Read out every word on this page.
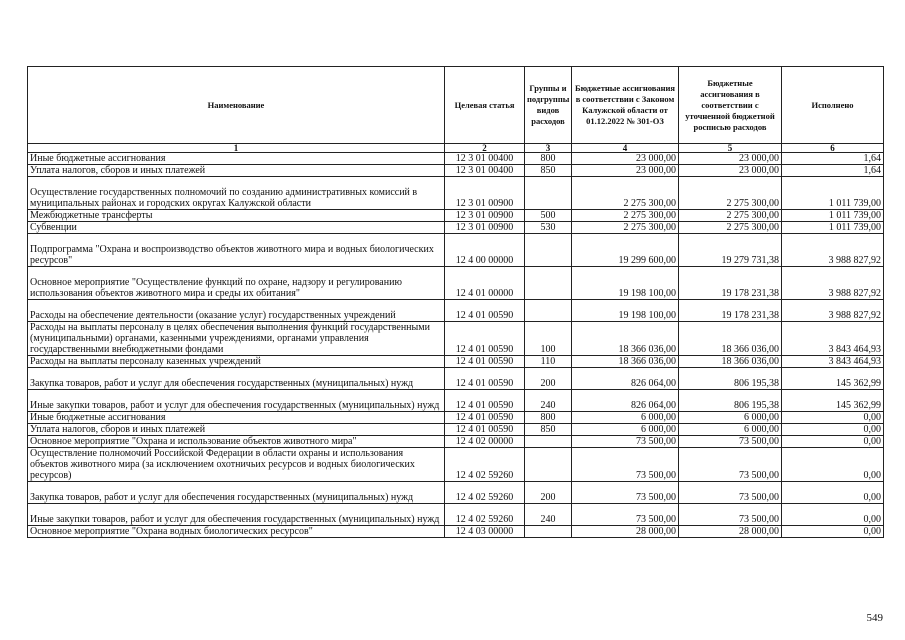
Наименование	Целевая статья	Группы и подгруппы видов расходов	Бюджетные ассигнования в соответствии с Законом Калужской области от 01.12.2022 № 301-ОЗ	Бюджетные ассигнования в соответствии с уточненной бюджетной росписью расходов	Исполнено
1	2	3	4	5	6
Иные бюджетные ассигнования	12 3 01 00400	800	23 000,00	23 000,00	1,64
Уплата налогов, сборов и иных платежей	12 3 01 00400	850	23 000,00	23 000,00	1,64
Осуществление государственных полномочий по созданию административных комиссий в муниципальных районах и городских округах Калужской области	12 3 01 00900		2 275 300,00	2 275 300,00	1 011 739,00
Межбюджетные трансферты	12 3 01 00900	500	2 275 300,00	2 275 300,00	1 011 739,00
Субвенции	12 3 01 00900	530	2 275 300,00	2 275 300,00	1 011 739,00
Подпрограмма "Охрана и воспроизводство объектов животного мира и водных биологических ресурсов"	12 4 00 00000		19 299 600,00	19 279 731,38	3 988 827,92
Основное мероприятие "Осуществление функций по охране, надзору и регулированию использования объектов животного мира и среды их обитания"	12 4 01 00000		19 198 100,00	19 178 231,38	3 988 827,92
Расходы на обеспечение деятельности (оказание услуг) государственных учреждений	12 4 01 00590		19 198 100,00	19 178 231,38	3 988 827,92
Расходы на выплаты персоналу в целях обеспечения выполнения функций государственными (муниципальными) органами, казенными учреждениями, органами управления государственными внебюджетными фондами	12 4 01 00590	100	18 366 036,00	18 366 036,00	3 843 464,93
Расходы на выплаты персоналу казенных учреждений	12 4 01 00590	110	18 366 036,00	18 366 036,00	3 843 464,93
Закупка товаров, работ и услуг для обеспечения государственных (муниципальных) нужд	12 4 01 00590	200	826 064,00	806 195,38	145 362,99
Иные закупки товаров, работ и услуг для обеспечения государственных (муниципальных) нужд	12 4 01 00590	240	826 064,00	806 195,38	145 362,99
Иные бюджетные ассигнования	12 4 01 00590	800	6 000,00	6 000,00	0,00
Уплата налогов, сборов и иных платежей	12 4 01 00590	850	6 000,00	6 000,00	0,00
Основное мероприятие "Охрана и использование объектов животного мира"	12 4 02 00000		73 500,00	73 500,00	0,00
Осуществление полномочий Российской Федерации в области охраны и использования объектов животного мира (за исключением охотничьих ресурсов и водных биологических ресурсов)	12 4 02 59260		73 500,00	73 500,00	0,00
Закупка товаров, работ и услуг для обеспечения государственных (муниципальных) нужд	12 4 02 59260	200	73 500,00	73 500,00	0,00
Иные закупки товаров, работ и услуг для обеспечения государственных (муниципальных) нужд	12 4 02 59260	240	73 500,00	73 500,00	0,00
Основное мероприятие "Охрана водных биологических ресурсов"	12 4 03 00000		28 000,00	28 000,00	0,00
549
